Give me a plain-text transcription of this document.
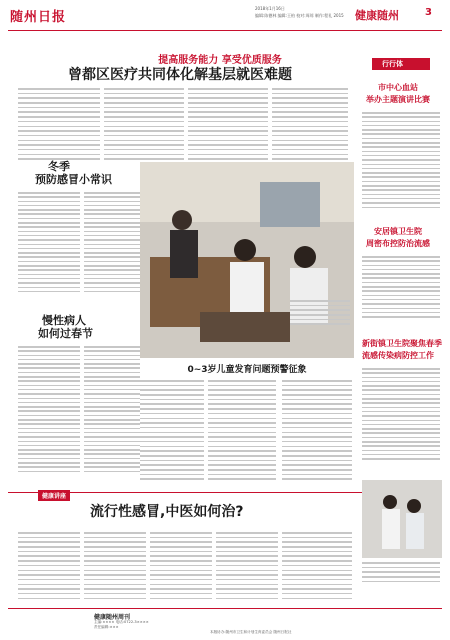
随州日报
2018年1月16日
编辑:陈德林 编辑:王柏 校对:周琼 制作:程礼 2015 健康随州	3
提高服务能力 享受优质服务
曾都区医疗共同体化解基层就医难题
冬季
预防感冒小常识
慢性病人
如何过春节
0~3岁儿童发育问题预警征象
行行体
市中心血站
举办主题演讲比赛
安居镇卫生院
周密布控防治流感
新街镇卫生院聚焦春季
流感传染病防控工作
健康讲座
流行性感冒,中医如何治?
健康随州周刊
主编:×××× 电话:0722-3××××
责任编辑:×××
本版协办:随州市卫生和计划生育委员会 随州日报社
